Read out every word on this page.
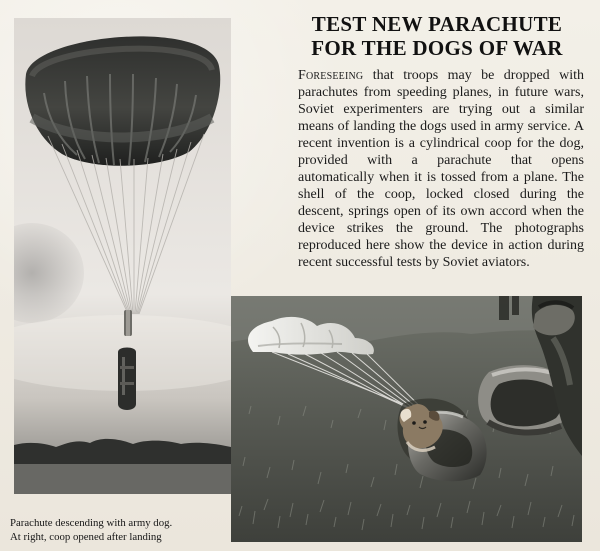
TEST NEW PARACHUTE
FOR THE DOGS OF WAR

Foreseeing that troops may be dropped with parachutes from speeding planes, in future wars, Soviet experimenters are trying out a similar means of landing the dogs used in army service. A recent invention is a cylindrical coop for the dog, provided with a parachute that opens automatically when it is tossed from a plane. The shell of the coop, locked closed during the descent, springs open of its own accord when the device strikes the ground. The photographs reproduced here show the device in action during recent successful tests by Soviet aviators.

Parachute descending with army dog.
At right, coop opened after landing
